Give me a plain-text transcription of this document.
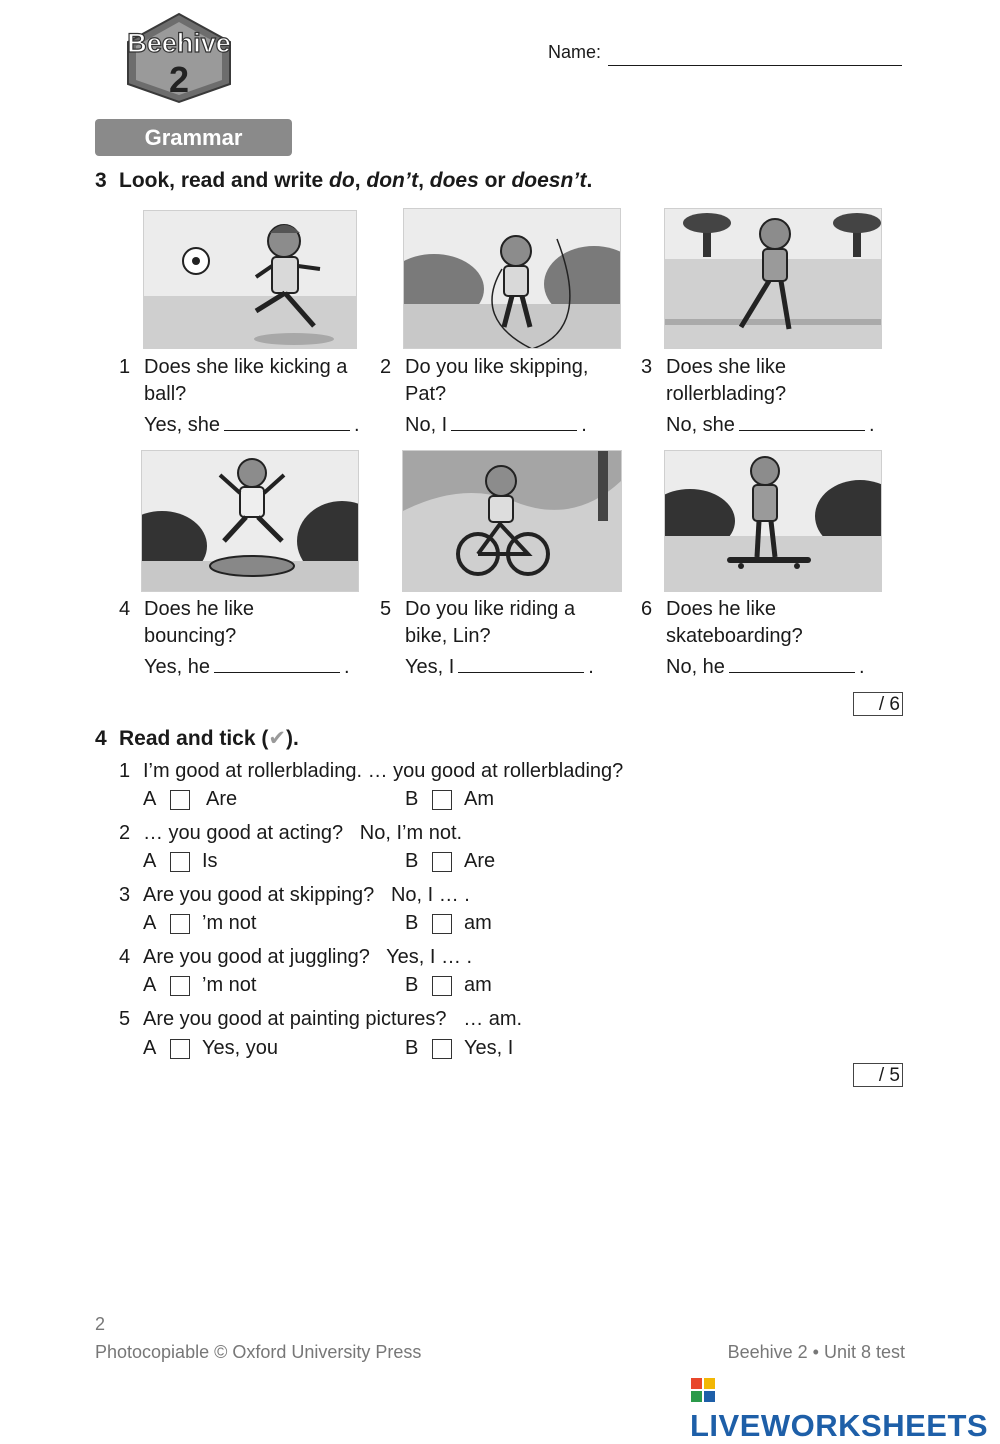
Beehive
2
Name:
Grammar
3 Look, read and write do, don’t, does or doesn’t.
1 Does she like kicking a ball?
Yes, she	.
2 Do you like skipping, Pat?
No, I	.
3 Does she like rollerblading?
No, she	.
4 Does he like bouncing?
Yes, he	.
5 Do you like riding a bike, Lin?
Yes, I	.
6 Does he like skateboarding?
No, he	.
/ 6
4 Read and tick (✔).
1 I’m good at rollerblading. … you good at rollerblading?
A Are	B Am
2 … you good at acting?   No, I’m not.
A Is	B Are
3 Are you good at skipping?   No, I … .
A ’m not	B am
4 Are you good at juggling?   Yes, I … .
A ’m not	B am
5 Are you good at painting pictures?   … am.
A Yes, you	B Yes, I
/ 5
2
Photocopiable © Oxford University Press	Beehive 2 • Unit 8 test
LIVEWORKSHEETS
